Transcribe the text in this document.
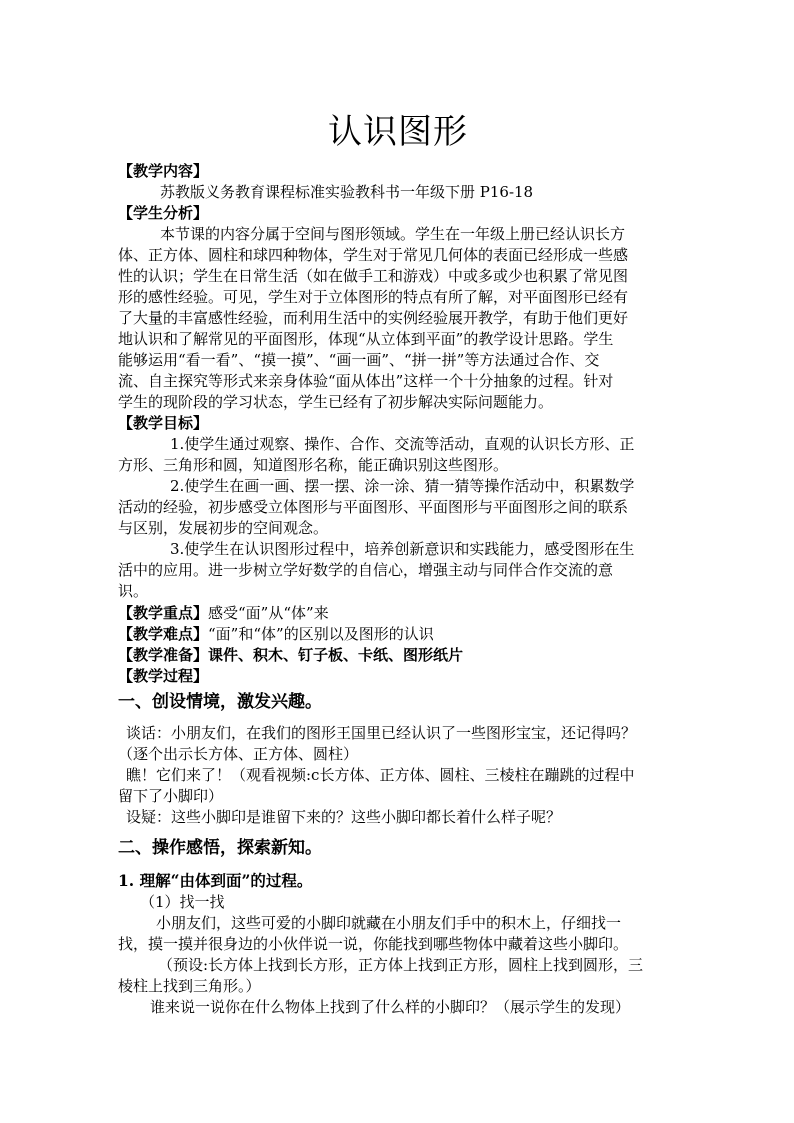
认识图形
【教学内容】
苏教版义务教育课程标准实验教科书一年级下册 P16-18
【学生分析】
本节课的内容分属于空间与图形领域。学生在一年级上册已经认识长方
体、正方体、圆柱和球四种物体，学生对于常见几何体的表面已经形成一些感
性的认识；学生在日常生活（如在做手工和游戏）中或多或少也积累了常见图
形的感性经验。可见，学生对于立体图形的特点有所了解，对平面图形已经有
了大量的丰富感性经验，而利用生活中的实例经验展开教学，有助于他们更好
地认识和了解常见的平面图形，体现“从立体到平面”的教学设计思路。学生
能够运用“看一看”、“摸一摸”、“画一画”、“拼一拼”等方法通过合作、交
流、自主探究等形式来亲身体验“面从体出”这样一个十分抽象的过程。针对
学生的现阶段的学习状态，学生已经有了初步解决实际问题能力。
【教学目标】
1.使学生通过观察、操作、合作、交流等活动，直观的认识长方形、正
方形、三角形和圆，知道图形名称，能正确识别这些图形。
2.使学生在画一画、摆一摆、涂一涂、猜一猜等操作活动中，积累数学
活动的经验，初步感受立体图形与平面图形、平面图形与平面图形之间的联系
与区别，发展初步的空间观念。
3.使学生在认识图形过程中，培养创新意识和实践能力，感受图形在生
活中的应用。进一步树立学好数学的自信心，增强主动与同伴合作交流的意
识。
【教学重点】感受“面”从“体”来
【教学难点】“面”和“体”的区别以及图形的认识
【教学准备】课件、积木、钉子板、卡纸、图形纸片
【教学过程】
一、创设情境，激发兴趣。
谈话：小朋友们，在我们的图形王国里已经认识了一些图形宝宝，还记得吗？
（逐个出示长方体、正方体、圆柱）
瞧！它们来了！（观看视频:c长方体、正方体、圆柱、三棱柱在蹦跳的过程中
留下了小脚印）
设疑：这些小脚印是谁留下来的？这些小脚印都长着什么样子呢？
二、操作感悟，探索新知。
1. 理解“由体到面”的过程。
（1）找一找
小朋友们，这些可爱的小脚印就藏在小朋友们手中的积木上，仔细找一
找，摸一摸并很身边的小伙伴说一说，你能找到哪些物体中藏着这些小脚印。
（预设:长方体上找到长方形，正方体上找到正方形，圆柱上找到圆形，三
棱柱上找到三角形。）
谁来说一说你在什么物体上找到了什么样的小脚印？（展示学生的发现）
